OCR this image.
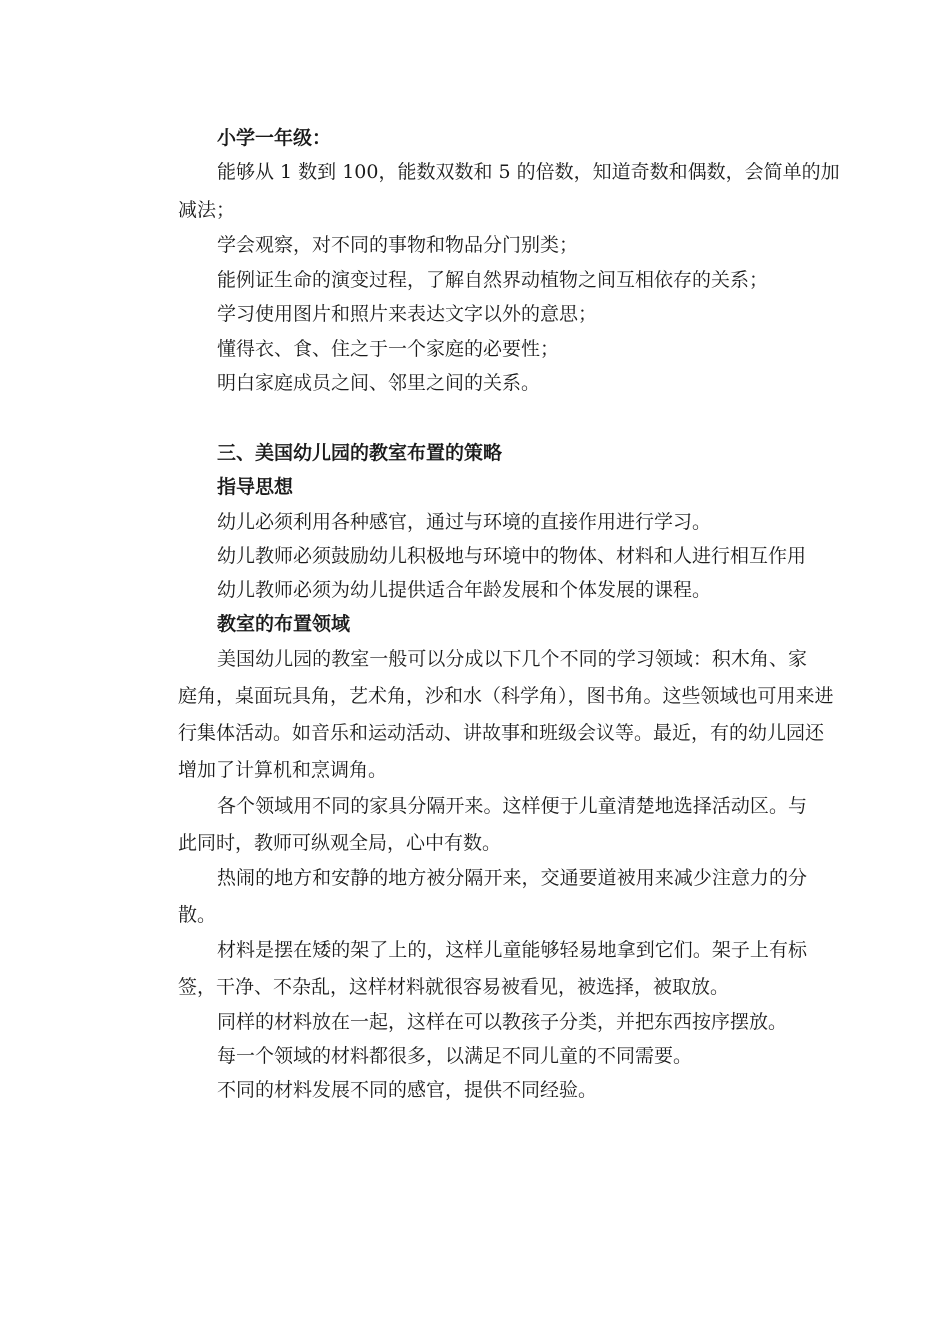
小学一年级：
能够从 1 数到 100，能数双数和 5 的倍数，知道奇数和偶数，会简单的加
减法；
学会观察，对不同的事物和物品分门别类；
能例证生命的演变过程，了解自然界动植物之间互相依存的关系；
学习使用图片和照片来表达文字以外的意思；
懂得衣、食、住之于一个家庭的必要性；
明白家庭成员之间、邻里之间的关系。
三、美国幼儿园的教室布置的策略
指导思想
幼儿必须利用各种感官，通过与环境的直接作用进行学习。
幼儿教师必须鼓励幼儿积极地与环境中的物体、材料和人进行相互作用
幼儿教师必须为幼儿提供适合年龄发展和个体发展的课程。
教室的布置领域
美国幼儿园的教室一般可以分成以下几个不同的学习领域：积木角、家
庭角，桌面玩具角，艺术角，沙和水（科学角），图书角。这些领域也可用来进
行集体活动。如音乐和运动活动、讲故事和班级会议等。最近，有的幼儿园还
增加了计算机和烹调角。
各个领域用不同的家具分隔开来。这样便于儿童清楚地选择活动区。与
此同时，教师可纵观全局，心中有数。
热闹的地方和安静的地方被分隔开来，交通要道被用来减少注意力的分
散。
材料是摆在矮的架了上的，这样儿童能够轻易地拿到它们。架子上有标
签，干净、不杂乱，这样材料就很容易被看见，被选择，被取放。
同样的材料放在一起，这样在可以教孩子分类，并把东西按序摆放。
每一个领域的材料都很多，以满足不同儿童的不同需要。
不同的材料发展不同的感官，提供不同经验。
